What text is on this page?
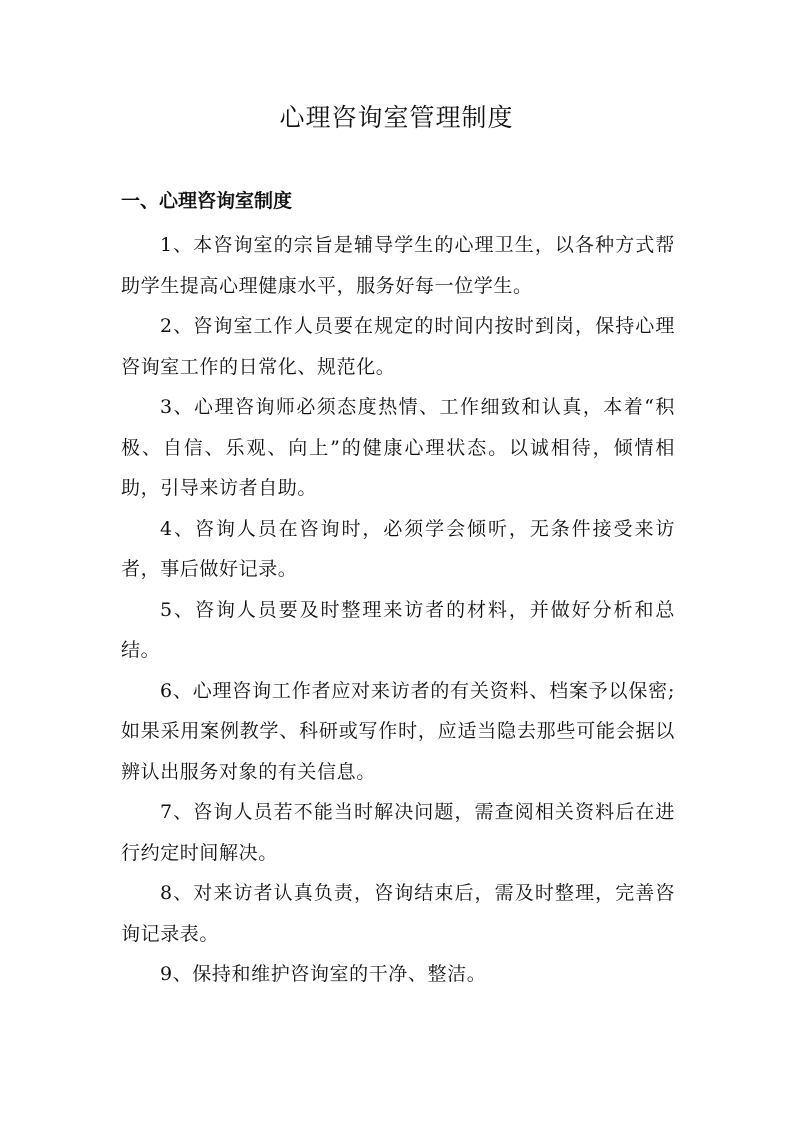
心理咨询室管理制度
一、心理咨询室制度

1、本咨询室的宗旨是辅导学生的心理卫生，以各种方式帮助学生提高心理健康水平，服务好每一位学生。

2、咨询室工作人员要在规定的时间内按时到岗，保持心理咨询室工作的日常化、规范化。

3、心理咨询师必须态度热情、工作细致和认真，本着“积极、自信、乐观、向上”的健康心理状态。以诚相待，倾情相助，引导来访者自助。

4、咨询人员在咨询时，必须学会倾听，无条件接受来访者，事后做好记录。

5、咨询人员要及时整理来访者的材料，并做好分析和总结。

6、心理咨询工作者应对来访者的有关资料、档案予以保密;如果采用案例教学、科研或写作时，应适当隐去那些可能会据以辨认出服务对象的有关信息。

7、咨询人员若不能当时解决问题，需查阅相关资料后在进行约定时间解决。

8、对来访者认真负责，咨询结束后，需及时整理，完善咨询记录表。

9、保持和维护咨询室的干净、整洁。
